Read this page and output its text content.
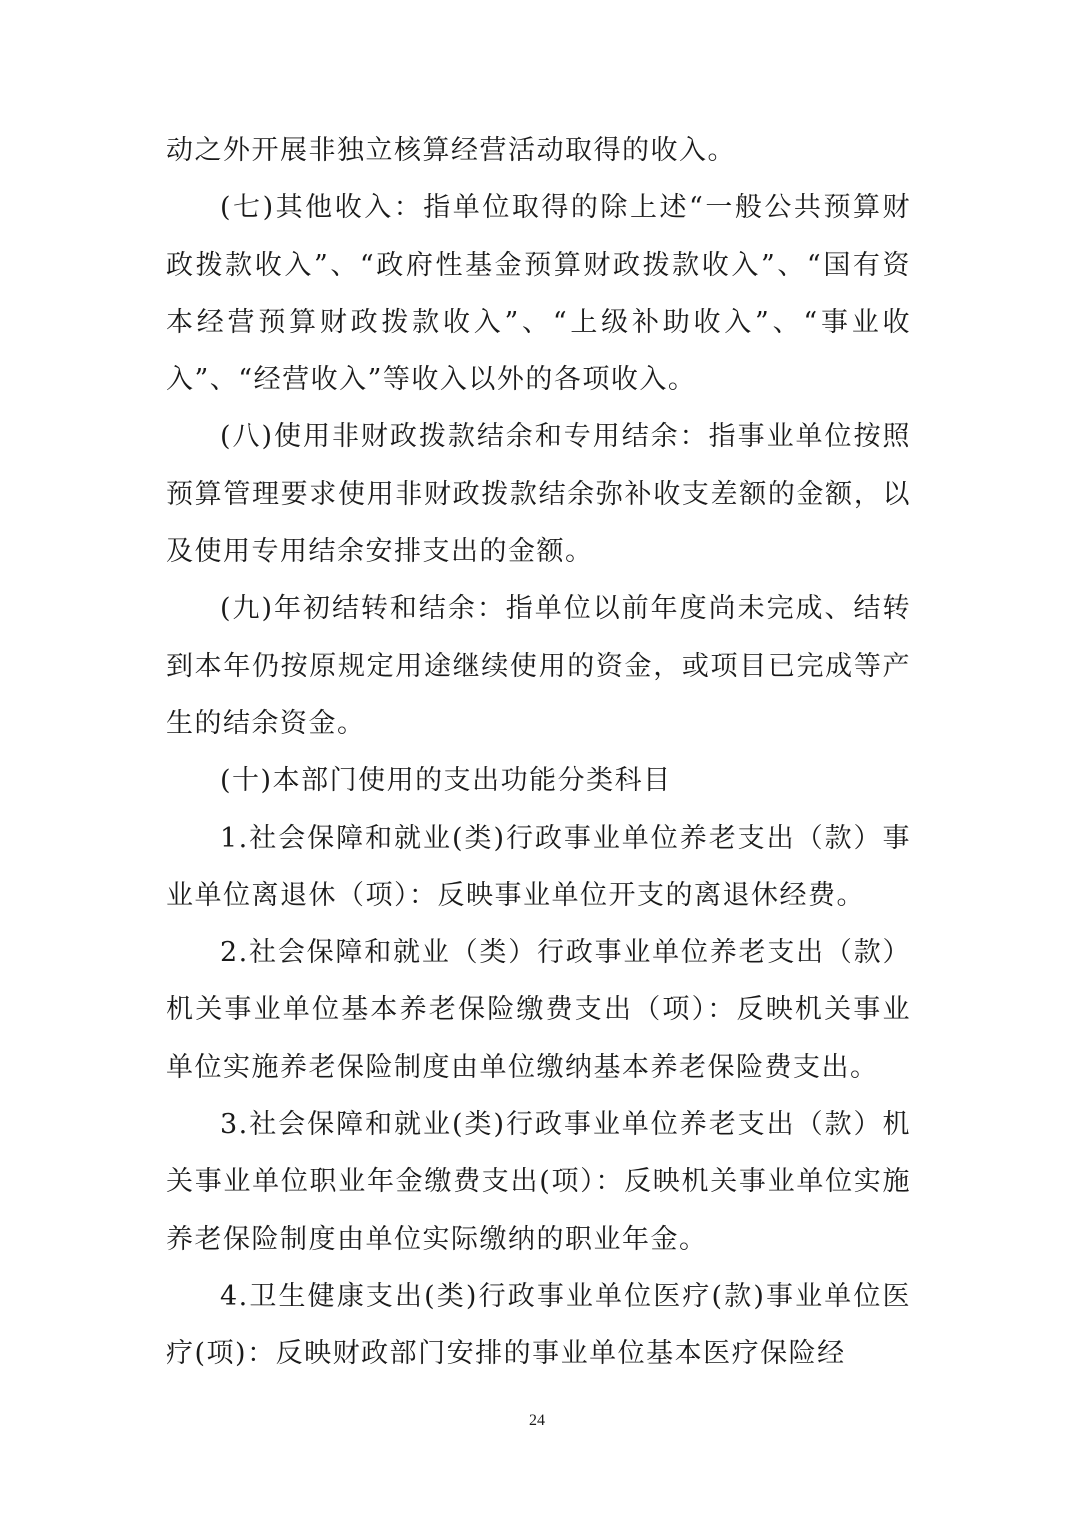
动之外开展非独立核算经营活动取得的收入。

(七)其他收入：指单位取得的除上述“一般公共预算财政拨款收入”、“政府性基金预算财政拨款收入”、“国有资本经营预算财政拨款收入”、“上级补助收入”、“事业收入”、“经营收入”等收入以外的各项收入。

(八)使用非财政拨款结余和专用结余：指事业单位按照预算管理要求使用非财政拨款结余弥补收支差额的金额，以及使用专用结余安排支出的金额。

(九)年初结转和结余：指单位以前年度尚未完成、结转到本年仍按原规定用途继续使用的资金，或项目已完成等产生的结余资金。

(十)本部门使用的支出功能分类科目

1.社会保障和就业(类)行政事业单位养老支出（款）事业单位离退休（项）：反映事业单位开支的离退休经费。

2.社会保障和就业（类）行政事业单位养老支出（款）机关事业单位基本养老保险缴费支出（项）：反映机关事业单位实施养老保险制度由单位缴纳基本养老保险费支出。

3.社会保障和就业(类)行政事业单位养老支出（款）机关事业单位职业年金缴费支出(项）：反映机关事业单位实施养老保险制度由单位实际缴纳的职业年金。

4.卫生健康支出(类)行政事业单位医疗(款)事业单位医疗(项)：反映财政部门安排的事业单位基本医疗保险经

24
